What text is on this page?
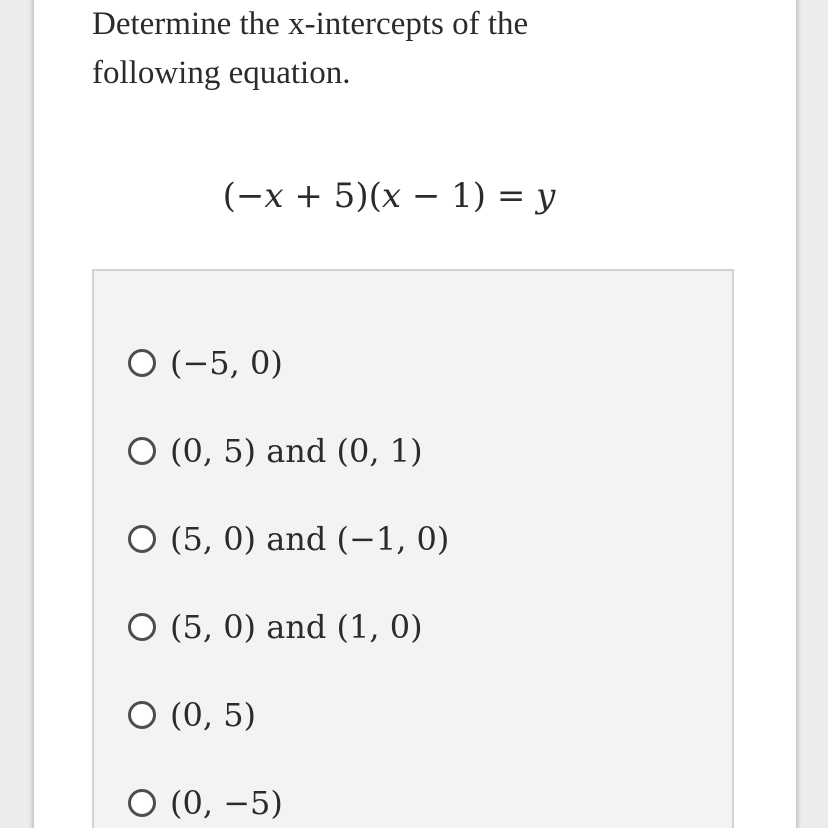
Determine the x-intercepts of the
following equation.
(−x + 5)(x − 1) = y
(−5, 0)
(0, 5) and (0, 1)
(5, 0) and (−1, 0)
(5, 0) and (1, 0)
(0, 5)
(0, −5)
